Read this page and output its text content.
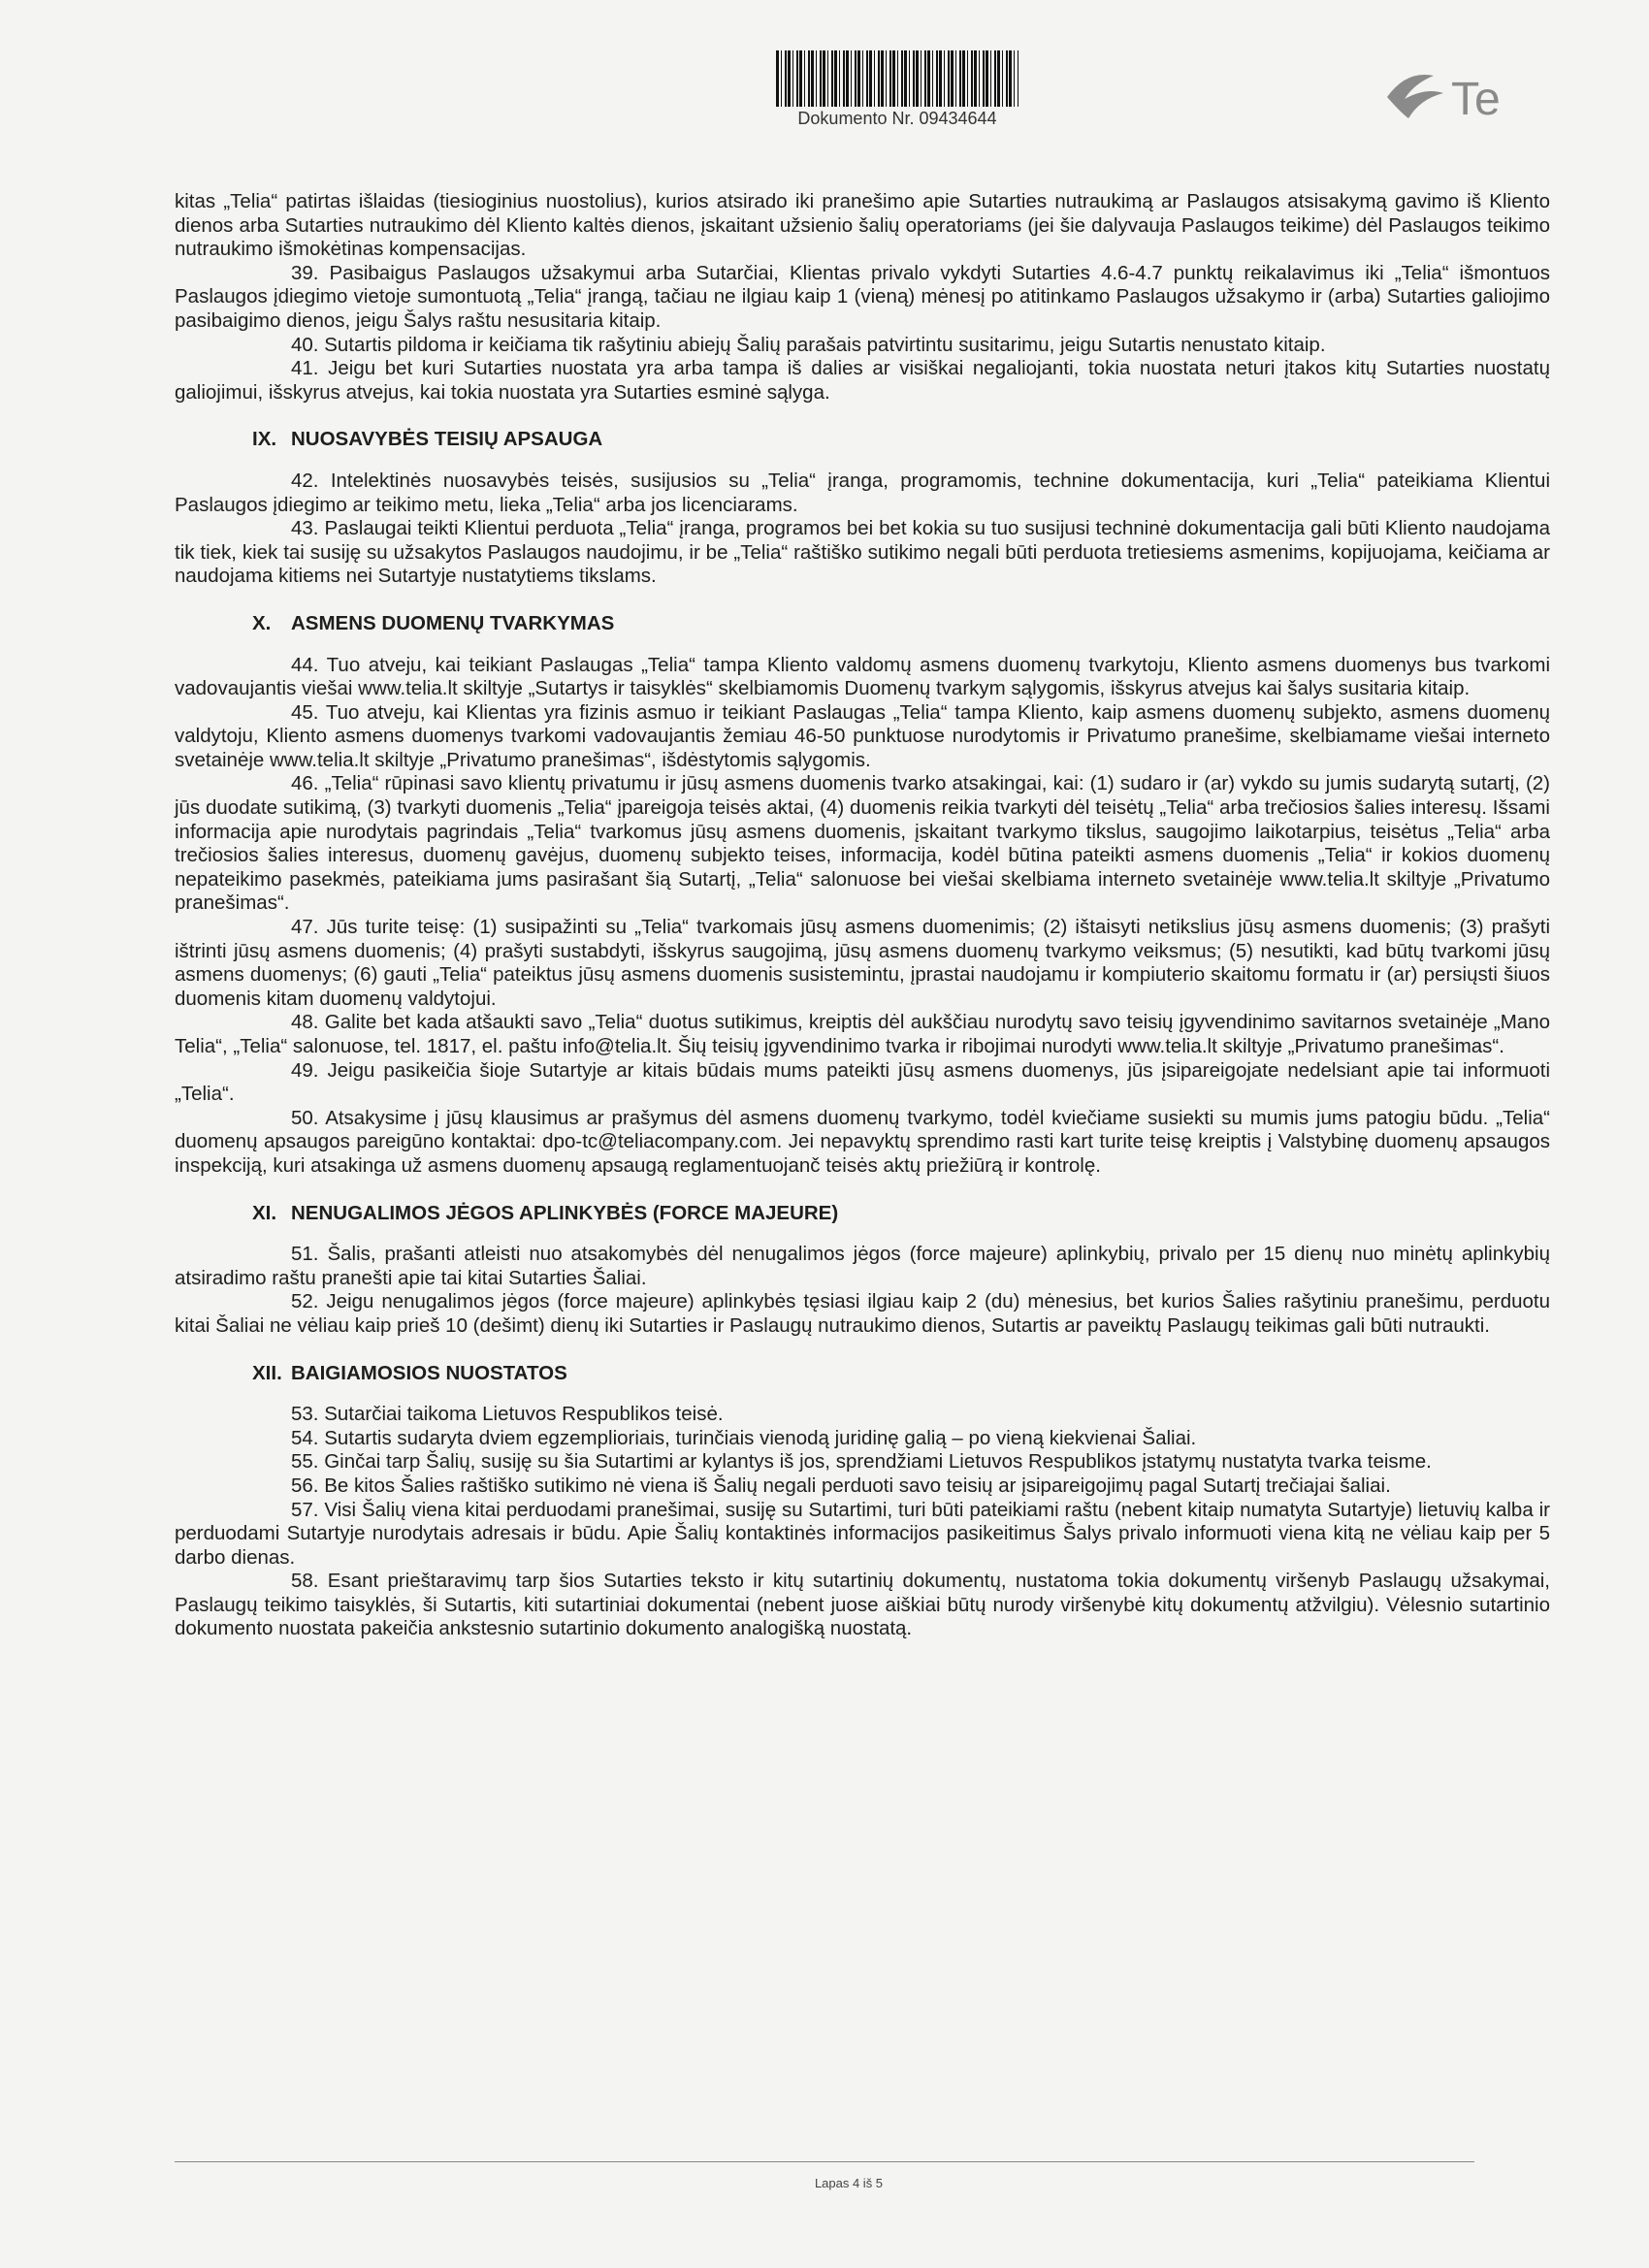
Dokumento Nr. 09434644	Te

kitas „Telia“ patirtas išlaidas (tiesioginius nuostolius), kurios atsirado iki pranešimo apie Sutarties nutraukimą ar Paslaugos atsisakymą gavimo iš Kliento dienos arba Sutarties nutraukimo dėl Kliento kaltės dienos, įskaitant užsienio šalių operatoriams (jei šie dalyvauja Paslaugos teikime) dėl Paslaugos teikimo nutraukimo išmokėtinas kompensacijas.

39. Pasibaigus Paslaugos užsakymui arba Sutarčiai, Klientas privalo vykdyti Sutarties 4.6-4.7 punktų reikalavimus iki „Telia“ išmontuos Paslaugos įdiegimo vietoje sumontuotą „Telia“ įrangą, tačiau ne ilgiau kaip 1 (vieną) mėnesį po atitinkamo Paslaugos užsakymo ir (arba) Sutarties galiojimo pasibaigimo dienos, jeigu Šalys raštu nesusitaria kitaip.

40. Sutartis pildoma ir keičiama tik rašytiniu abiejų Šalių parašais patvirtintu susitarimu, jeigu Sutartis nenustato kitaip.

41. Jeigu bet kuri Sutarties nuostata yra arba tampa iš dalies ar visiškai negaliojanti, tokia nuostata neturi įtakos kitų Sutarties nuostatų galiojimui, išskyrus atvejus, kai tokia nuostata yra Sutarties esminė sąlyga.

IX. NUOSAVYBĖS TEISIŲ APSAUGA

42. Intelektinės nuosavybės teisės, susijusios su „Telia“ įranga, programomis, technine dokumentacija, kuri „Telia“ pateikiama Klientui Paslaugos įdiegimo ar teikimo metu, lieka „Telia“ arba jos licenciarams.

43. Paslaugai teikti Klientui perduota „Telia“ įranga, programos bei bet kokia su tuo susijusi techninė dokumentacija gali būti Kliento naudojama tik tiek, kiek tai susiję su užsakytos Paslaugos naudojimu, ir be „Telia“ raštiško sutikimo negali būti perduota tretiesiems asmenims, kopijuojama, keičiama ar naudojama kitiems nei Sutartyje nustatytiems tikslams.

X. ASMENS DUOMENŲ TVARKYMAS

44. Tuo atveju, kai teikiant Paslaugas „Telia“ tampa Kliento valdomų asmens duomenų tvarkytoju, Kliento asmens duomenys bus tvarkomi vadovaujantis viešai www.telia.lt skiltyje „Sutartys ir taisyklės“ skelbiamomis Duomenų tvarkym sąlygomis, išskyrus atvejus kai šalys susitaria kitaip.

45. Tuo atveju, kai Klientas yra fizinis asmuo ir teikiant Paslaugas „Telia“ tampa Kliento, kaip asmens duomenų subjekto, asmens duomenų valdytoju, Kliento asmens duomenys tvarkomi vadovaujantis žemiau 46-50 punktuose nurodytomis ir Privatumo pranešime, skelbiamame viešai interneto svetainėje www.telia.lt skiltyje „Privatumo pranešimas“, išdėstytomis sąlygomis.

46. „Telia“ rūpinasi savo klientų privatumu ir jūsų asmens duomenis tvarko atsakingai, kai: (1) sudaro ir (ar) vykdo su jumis sudarytą sutartį, (2) jūs duodate sutikimą, (3) tvarkyti duomenis „Telia“ įpareigoja teisės aktai, (4) duomenis reikia tvarkyti dėl teisėtų „Telia“ arba trečiosios šalies interesų. Išsami informacija apie nurodytais pagrindais „Telia“ tvarkomus jūsų asmens duomenis, įskaitant tvarkymo tikslus, saugojimo laikotarpius, teisėtus „Telia“ arba trečiosios šalies interesus, duomenų gavėjus, duomenų subjekto teises, informacija, kodėl būtina pateikti asmens duomenis „Telia“ ir kokios duomenų nepateikimo pasekmės, pateikiama jums pasirašant šią Sutartį, „Telia“ salonuose bei viešai skelbiama interneto svetainėje www.telia.lt skiltyje „Privatumo pranešimas“.

47. Jūs turite teisę: (1) susipažinti su „Telia“ tvarkomais jūsų asmens duomenimis; (2) ištaisyti netikslius jūsų asmens duomenis; (3) prašyti ištrinti jūsų asmens duomenis; (4) prašyti sustabdyti, išskyrus saugojimą, jūsų asmens duomenų tvarkymo veiksmus; (5) nesutikti, kad būtų tvarkomi jūsų asmens duomenys; (6) gauti „Telia“ pateiktus jūsų asmens duomenis susistemintu, įprastai naudojamu ir kompiuterio skaitomu formatu ir (ar) persiųsti šiuos duomenis kitam duomenų valdytojui.

48. Galite bet kada atšaukti savo „Telia“ duotus sutikimus, kreiptis dėl aukščiau nurodytų savo teisių įgyvendinimo savitarnos svetainėje „Mano Telia“, „Telia“ salonuose, tel. 1817, el. paštu info@telia.lt. Šių teisių įgyvendinimo tvarka ir ribojimai nurodyti www.telia.lt skiltyje „Privatumo pranešimas“.

49. Jeigu pasikeičia šioje Sutartyje ar kitais būdais mums pateikti jūsų asmens duomenys, jūs įsipareigojate nedelsiant apie tai informuoti „Telia“.

50. Atsakysime į jūsų klausimus ar prašymus dėl asmens duomenų tvarkymo, todėl kviečiame susiekti su mumis jums patogiu būdu. „Telia“ duomenų apsaugos pareigūno kontaktai: dpo-tc@teliacompany.com. Jei nepavyktų sprendimo rasti kart turite teisę kreiptis į Valstybinę duomenų apsaugos inspekciją, kuri atsakinga už asmens duomenų apsaugą reglamentuojanč teisės aktų priežiūrą ir kontrolę.

XI. NENUGALIMOS JĖGOS APLINKYBĖS (FORCE MAJEURE)

51. Šalis, prašanti atleisti nuo atsakomybės dėl nenugalimos jėgos (force majeure) aplinkybių, privalo per 15 dienų nuo minėtų aplinkybių atsiradimo raštu pranešti apie tai kitai Sutarties Šaliai.

52. Jeigu nenugalimos jėgos (force majeure) aplinkybės tęsiasi ilgiau kaip 2 (du) mėnesius, bet kurios Šalies rašytiniu pranešimu, perduotu kitai Šaliai ne vėliau kaip prieš 10 (dešimt) dienų iki Sutarties ir Paslaugų nutraukimo dienos, Sutartis ar paveiktų Paslaugų teikimas gali būti nutraukti.

XII. BAIGIAMOSIOS NUOSTATOS

53. Sutarčiai taikoma Lietuvos Respublikos teisė.

54. Sutartis sudaryta dviem egzemplioriais, turinčiais vienodą juridinę galią – po vieną kiekvienai Šaliai.

55. Ginčai tarp Šalių, susiję su šia Sutartimi ar kylantys iš jos, sprendžiami Lietuvos Respublikos įstatymų nustatyta tvarka teisme.

56. Be kitos Šalies raštiško sutikimo nė viena iš Šalių negali perduoti savo teisių ar įsipareigojimų pagal Sutartį trečiajai šaliai.

57. Visi Šalių viena kitai perduodami pranešimai, susiję su Sutartimi, turi būti pateikiami raštu (nebent kitaip numatyta Sutartyje) lietuvių kalba ir perduodami Sutartyje nurodytais adresais ir būdu. Apie Šalių kontaktinės informacijos pasikeitimus Šalys privalo informuoti viena kitą ne vėliau kaip per 5 darbo dienas.

58. Esant prieštaravimų tarp šios Sutarties teksto ir kitų sutartinių dokumentų, nustatoma tokia dokumentų viršenyb Paslaugų užsakymai, Paslaugų teikimo taisyklės, ši Sutartis, kiti sutartiniai dokumentai (nebent juose aiškiai būtų nurody viršenybė kitų dokumentų atžvilgiu). Vėlesnio sutartinio dokumento nuostata pakeičia ankstesnio sutartinio dokumento analogišką nuostatą.

Lapas 4 iš 5
